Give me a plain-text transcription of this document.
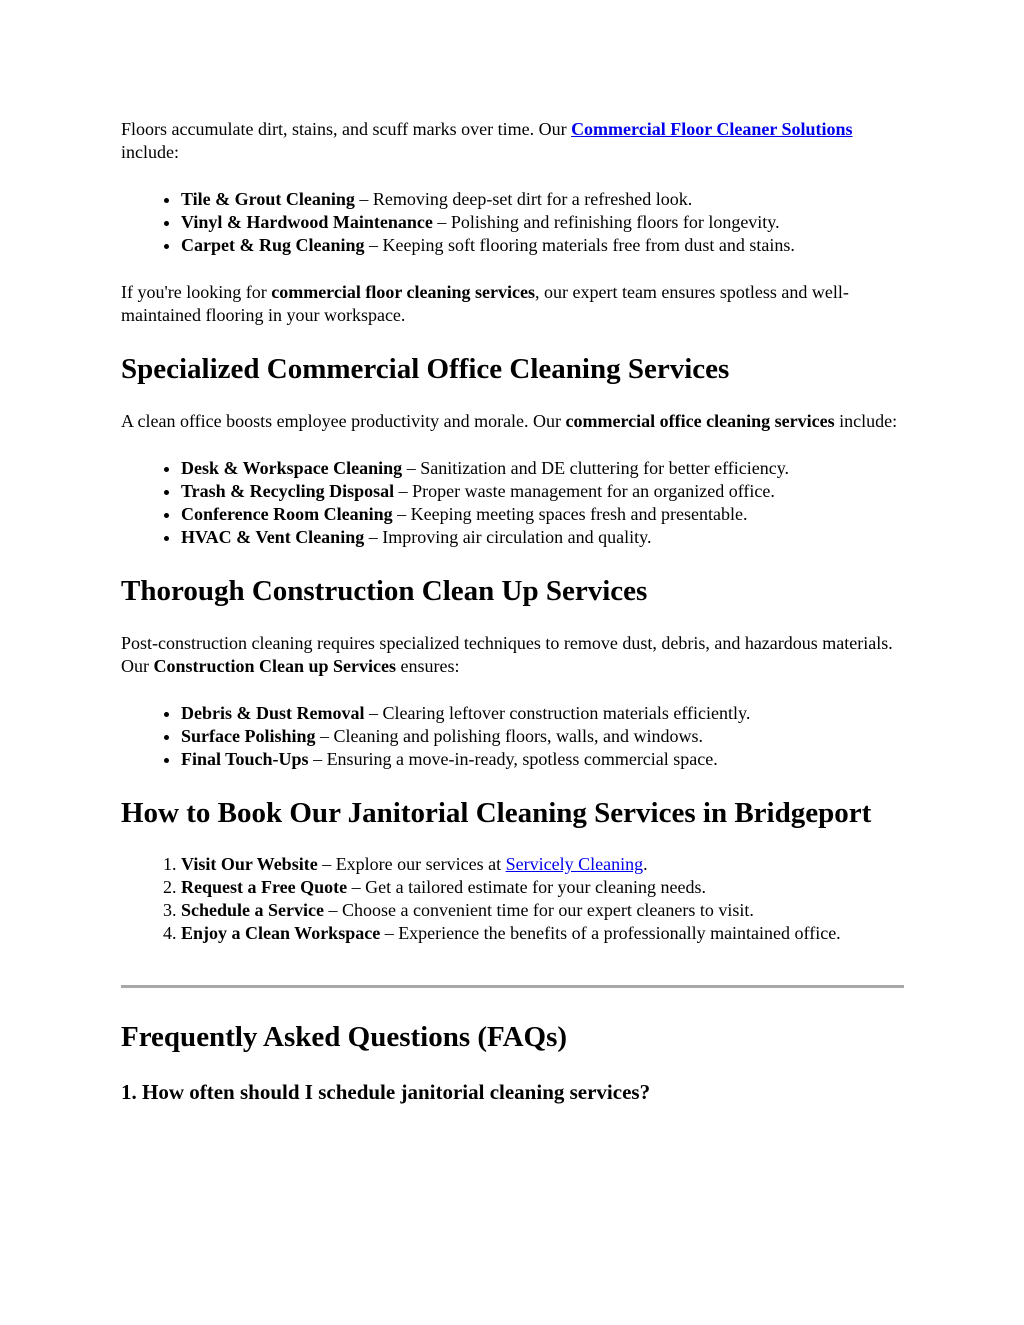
Floors accumulate dirt, stains, and scuff marks over time. Our Commercial Floor Cleaner Solutions include:

• Tile & Grout Cleaning – Removing deep-set dirt for a refreshed look.
• Vinyl & Hardwood Maintenance – Polishing and refinishing floors for longevity.
• Carpet & Rug Cleaning – Keeping soft flooring materials free from dust and stains.

If you're looking for commercial floor cleaning services, our expert team ensures spotless and well-maintained flooring in your workspace.

Specialized Commercial Office Cleaning Services

A clean office boosts employee productivity and morale. Our commercial office cleaning services include:

• Desk & Workspace Cleaning – Sanitization and DE cluttering for better efficiency.
• Trash & Recycling Disposal – Proper waste management for an organized office.
• Conference Room Cleaning – Keeping meeting spaces fresh and presentable.
• HVAC & Vent Cleaning – Improving air circulation and quality.
Thorough Construction Clean Up Services

Post-construction cleaning requires specialized techniques to remove dust, debris, and hazardous materials. Our Construction Clean up Services ensures:

• Debris & Dust Removal – Clearing leftover construction materials efficiently.
• Surface Polishing – Cleaning and polishing floors, walls, and windows.
• Final Touch-Ups – Ensuring a move-in-ready, spotless commercial space.
How to Book Our Janitorial Cleaning Services in Bridgeport
1. Visit Our Website – Explore our services at Servicely Cleaning.
2. Request a Free Quote – Get a tailored estimate for your cleaning needs.
3. Schedule a Service – Choose a convenient time for our expert cleaners to visit.
4. Enjoy a Clean Workspace – Experience the benefits of a professionally maintained office.
Frequently Asked Questions (FAQs)
1. How often should I schedule janitorial cleaning services?
